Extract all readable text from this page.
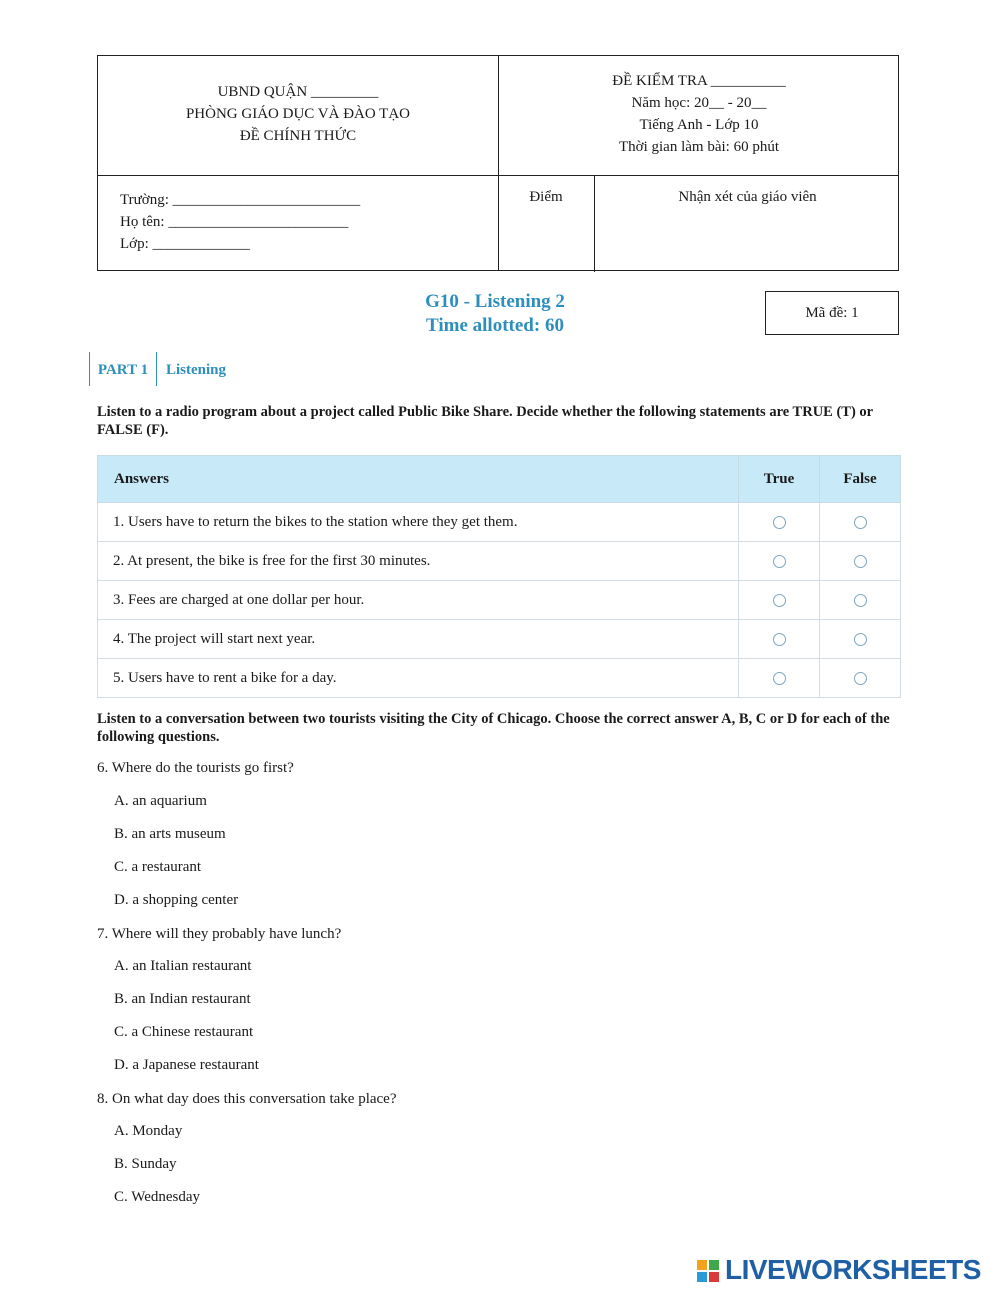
UBND QUẬN _________
PHÒNG GIÁO DỤC VÀ ĐÀO TẠO
ĐỀ CHÍNH THỨC
ĐỀ KIỂM TRA __________
Năm học: 20__ - 20__
Tiếng Anh - Lớp 10
Thời gian làm bài: 60 phút
Trường: _________________________
Họ tên: ________________________
Lớp: _____________
Điểm	Nhận xét của giáo viên
G10 - Listening 2
Time allotted: 60
Mã đề: 1
PART 1	Listening
Listen to a radio program about a project called Public Bike Share. Decide whether the following statements are TRUE (T) or FALSE (F).
Answers	True	False
1. Users have to return the bikes to the station where they get them.		
2. At present, the bike is free for the first 30 minutes.		
3. Fees are charged at one dollar per hour.		
4. The project will start next year.		
5. Users have to rent a bike for a day.		
Listen to a conversation between two tourists visiting the City of Chicago. Choose the correct answer A, B, C or D for each of the following questions.
6. Where do the tourists go first?
A. an aquarium
B. an arts museum
C. a restaurant
D. a shopping center
7. Where will they probably have lunch?
A. an Italian restaurant
B. an Indian restaurant
C. a Chinese restaurant
D. a Japanese restaurant
8. On what day does this conversation take place?
A. Monday
B. Sunday
C. Wednesday
LIVEWORKSHEETS
